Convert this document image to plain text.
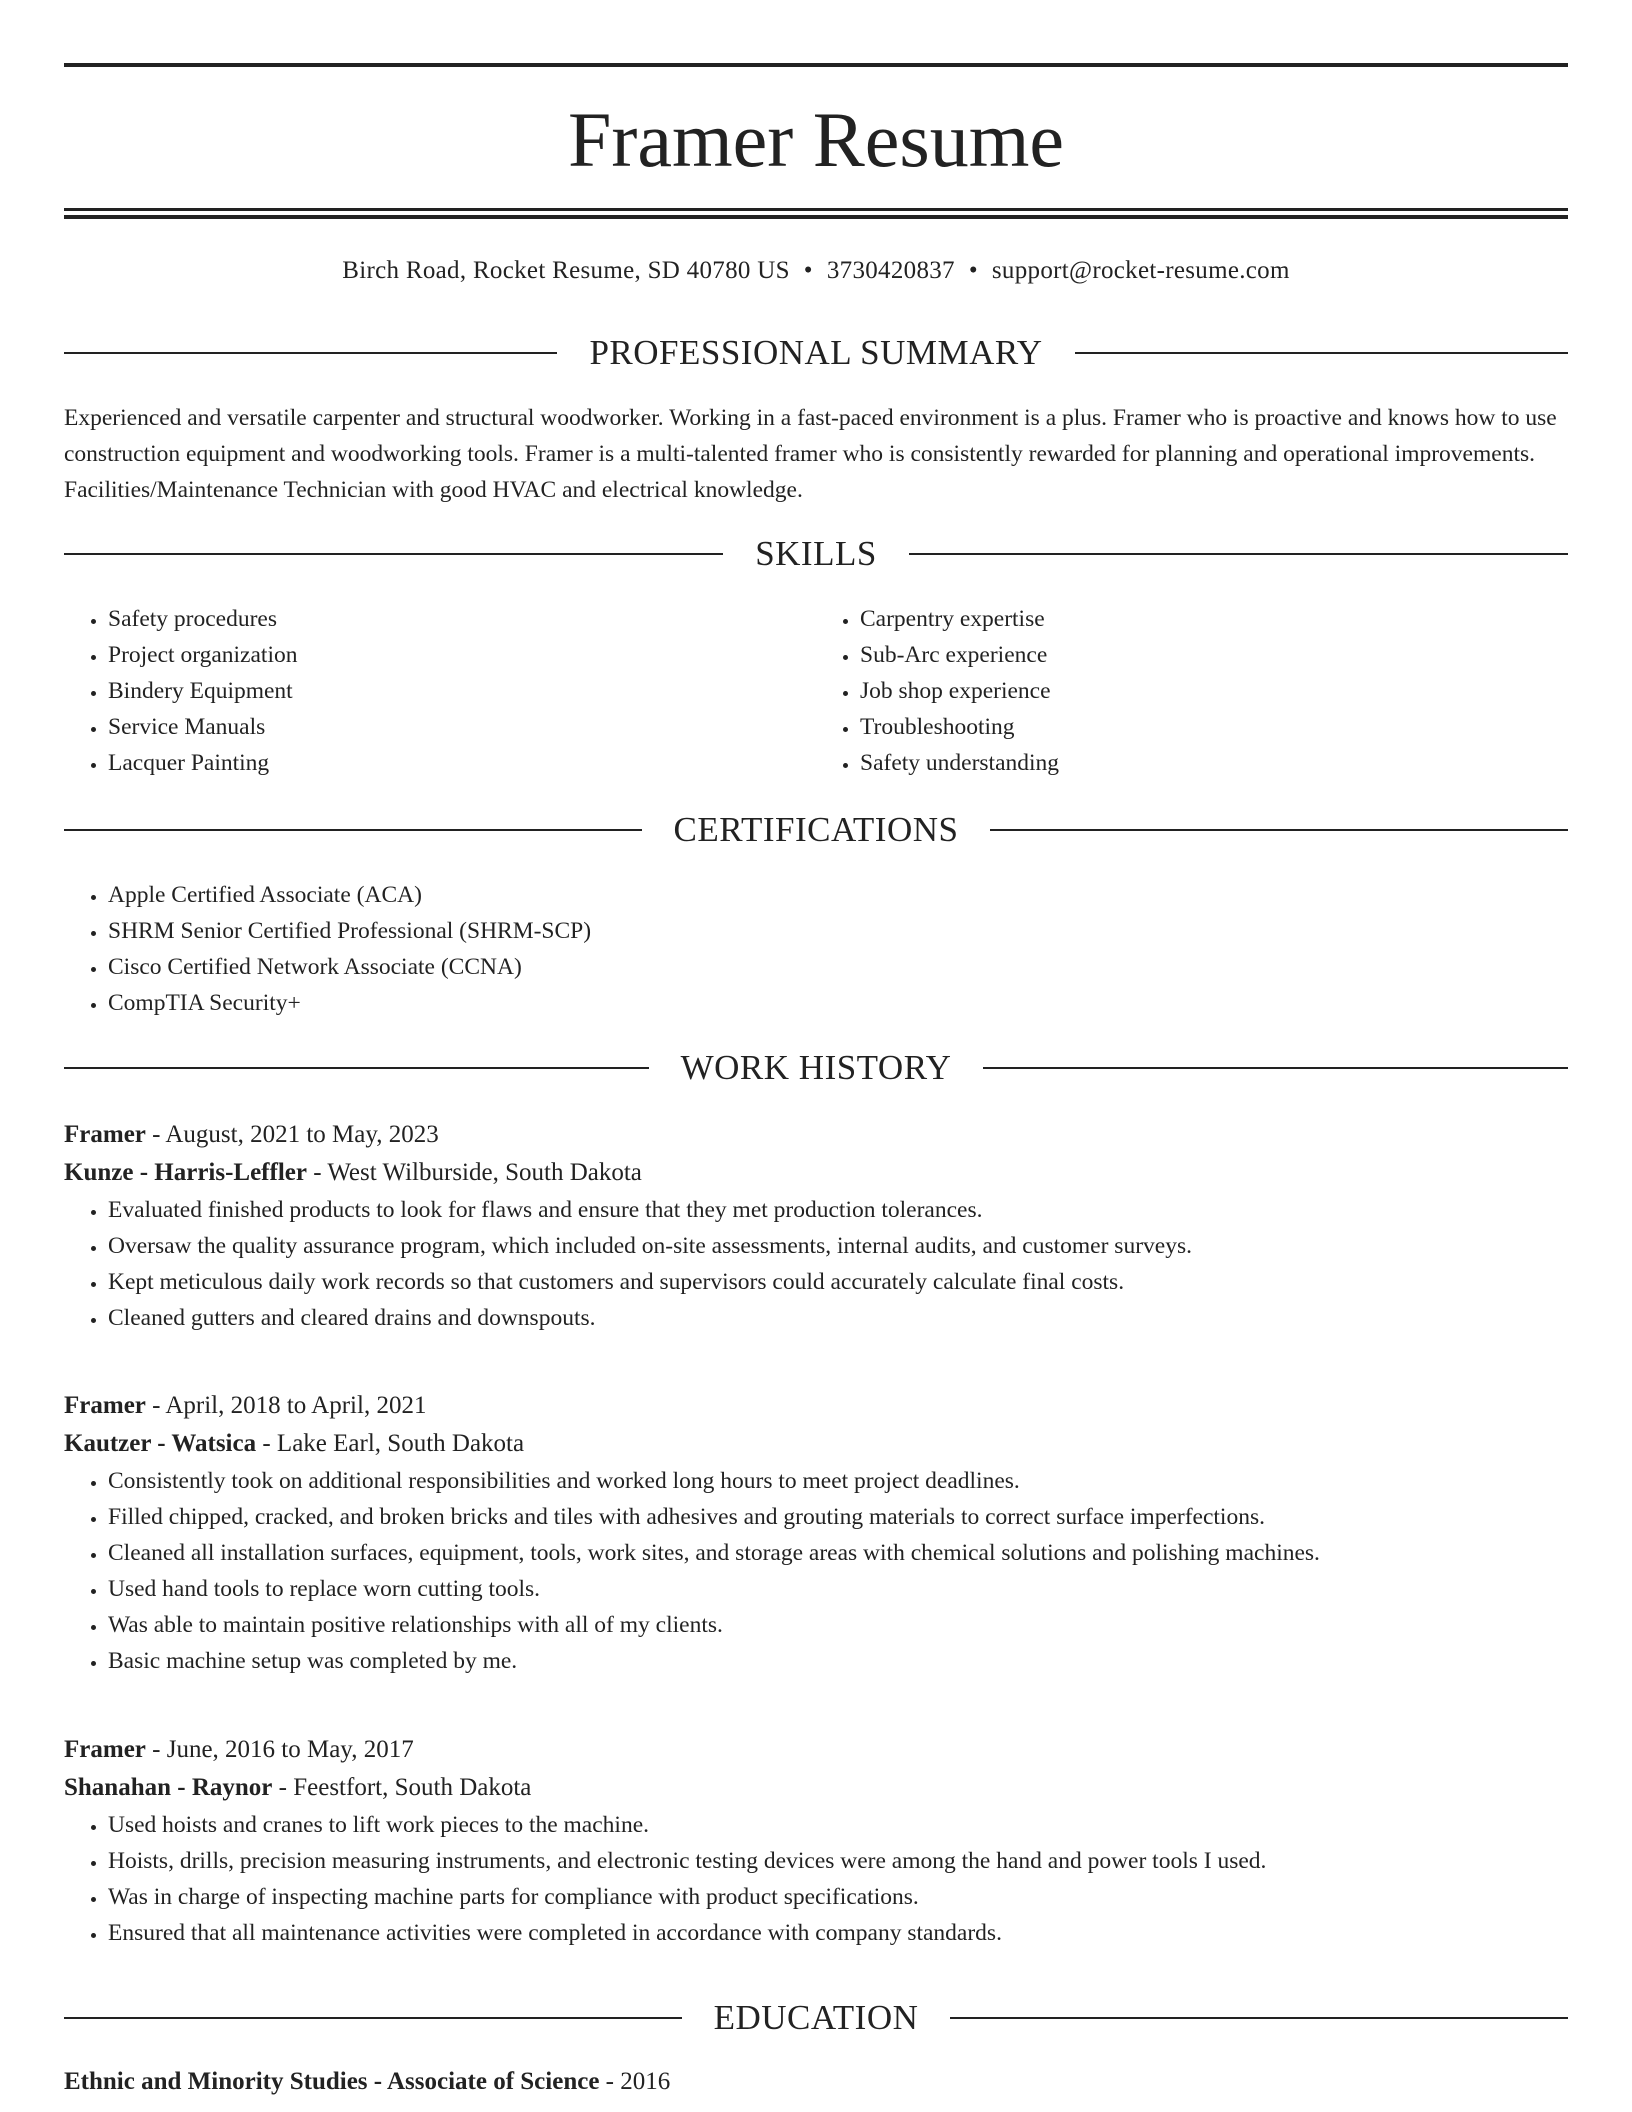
Framer Resume
Birch Road, Rocket Resume, SD 40780 US • 3730420837 • support@rocket-resume.com
PROFESSIONAL SUMMARY
Experienced and versatile carpenter and structural woodworker. Working in a fast-paced environment is a plus. Framer who is proactive and knows how to use construction equipment and woodworking tools. Framer is a multi-talented framer who is consistently rewarded for planning and operational improvements. Facilities/Maintenance Technician with good HVAC and electrical knowledge.
SKILLS
• Safety procedures
• Project organization
• Bindery Equipment
• Service Manuals
• Lacquer Painting
• Carpentry expertise
• Sub-Arc experience
• Job shop experience
• Troubleshooting
• Safety understanding
CERTIFICATIONS
• Apple Certified Associate (ACA)
• SHRM Senior Certified Professional (SHRM-SCP)
• Cisco Certified Network Associate (CCNA)
• CompTIA Security+
WORK HISTORY
Framer - August, 2021 to May, 2023
Kunze - Harris-Leffler - West Wilburside, South Dakota
• Evaluated finished products to look for flaws and ensure that they met production tolerances.
• Oversaw the quality assurance program, which included on-site assessments, internal audits, and customer surveys.
• Kept meticulous daily work records so that customers and supervisors could accurately calculate final costs.
• Cleaned gutters and cleared drains and downspouts.
Framer - April, 2018 to April, 2021
Kautzer - Watsica - Lake Earl, South Dakota
• Consistently took on additional responsibilities and worked long hours to meet project deadlines.
• Filled chipped, cracked, and broken bricks and tiles with adhesives and grouting materials to correct surface imperfections.
• Cleaned all installation surfaces, equipment, tools, work sites, and storage areas with chemical solutions and polishing machines.
• Used hand tools to replace worn cutting tools.
• Was able to maintain positive relationships with all of my clients.
• Basic machine setup was completed by me.
Framer - June, 2016 to May, 2017
Shanahan - Raynor - Feestfort, South Dakota
• Used hoists and cranes to lift work pieces to the machine.
• Hoists, drills, precision measuring instruments, and electronic testing devices were among the hand and power tools I used.
• Was in charge of inspecting machine parts for compliance with product specifications.
• Ensured that all maintenance activities were completed in accordance with company standards.
EDUCATION
Ethnic and Minority Studies - Associate of Science - 2016
